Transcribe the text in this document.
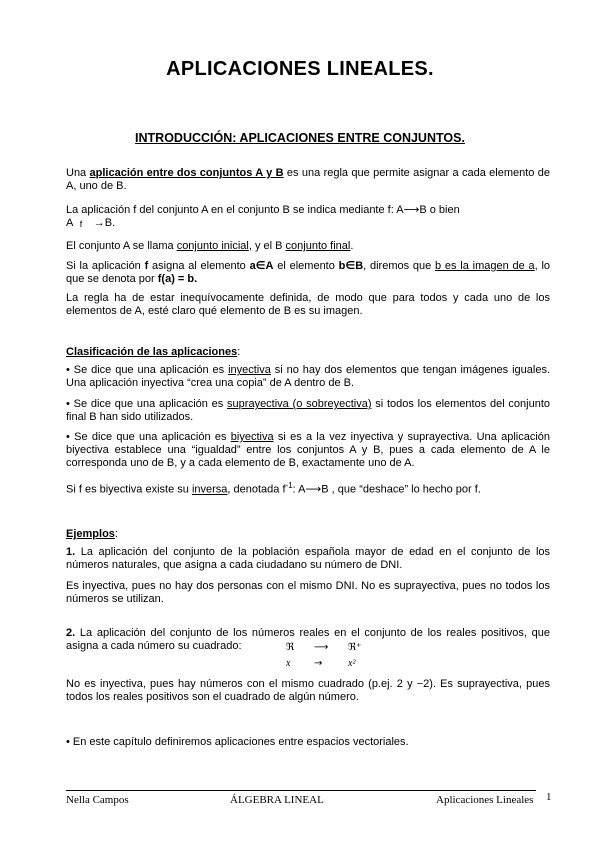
APLICACIONES LINEALES.
INTRODUCCIÓN: APLICACIONES ENTRE CONJUNTOS.
Una aplicación entre dos conjuntos A y B es una regla que permite asignar a cada elemento de A, uno de B.
La aplicación f del conjunto A en el conjunto B se indica mediante f: A⟶B o bien
A f →B.
El conjunto A se llama conjunto inicial, y el B conjunto final.
Si la aplicación f asigna al elemento a∈A el elemento b∈B, diremos que b es la imagen de a, lo que se denota por f(a) = b.
La regla ha de estar inequívocamente definida, de modo que para todos y cada uno de los elementos de A, esté claro qué elemento de B es su imagen.
Clasificación de las aplicaciones:
• Se dice que una aplicación es inyectiva si no hay dos elementos que tengan imágenes iguales. Una aplicación inyectiva “crea una copia” de A dentro de B.
• Se dice que una aplicación es suprayectiva (o sobreyectiva) si todos los elementos del conjunto final B han sido utilizados.
• Se dice que una aplicación es biyectiva si es a la vez inyectiva y suprayectiva. Una aplicación biyectiva establece una “igualdad” entre los conjuntos A y B, pues a cada elemento de A le corresponda uno de B, y a cada elemento de B, exactamente uno de A.
Si f es biyectiva existe su inversa, denotada $f^{-1}$: A⟶B , que “deshace” lo hecho por f.
Ejemplos:
1. La aplicación del conjunto de la población española mayor de edad en el conjunto de los números naturales, que asigna a cada ciudadano su número de DNI.
Es inyectiva, pues no hay dos personas con el mismo DNI. No es suprayectiva, pues no todos los números se utilizan.
2. La aplicación del conjunto de los números reales en el conjunto de los reales positivos, que asigna a cada número su cuadrado:	ℜ ⟶ ℜ⁺
x →	x²
No es inyectiva, pues hay números con el mismo cuadrado (p.ej. 2 y −2). Es suprayectiva, pues todos los reales positivos son el cuadrado de algún número.
• En este capítulo definiremos aplicaciones entre espacios vectoriales.
Nella Campos	ÁLGEBRA LINEAL	Aplicaciones Lineales 1
